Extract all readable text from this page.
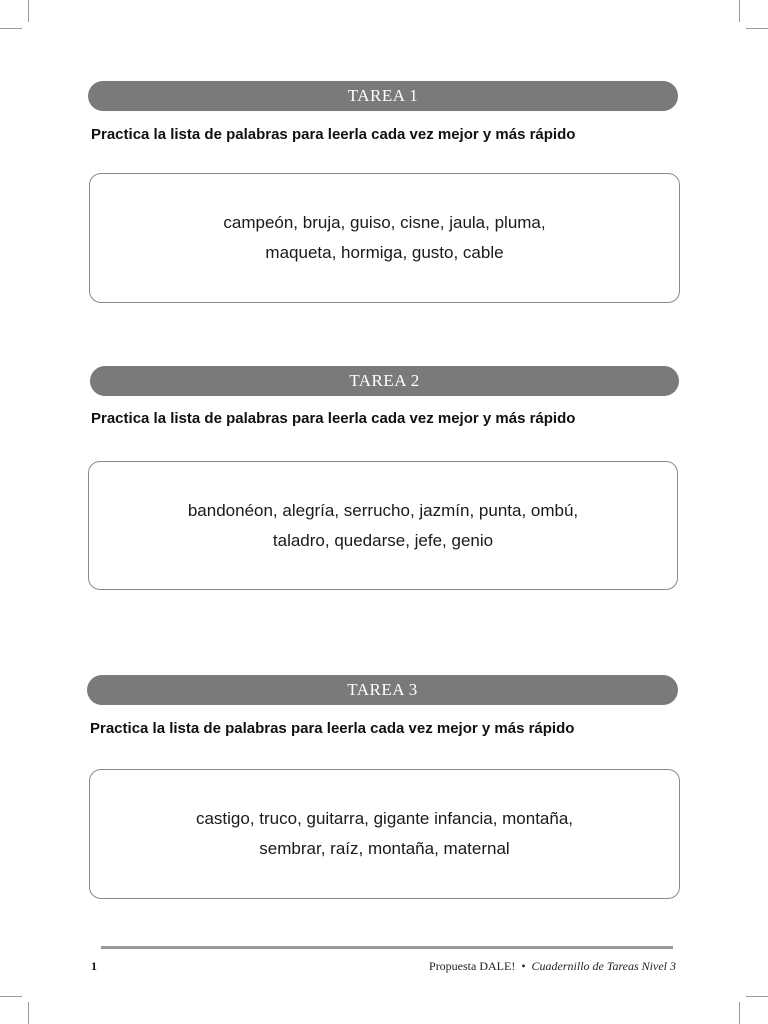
TAREA 1
Practica la lista de palabras para leerla cada vez mejor y más rápido
campeón, bruja, guiso, cisne, jaula, pluma,
maqueta, hormiga, gusto, cable
TAREA 2
Practica la lista de palabras para leerla cada vez mejor y más rápido
bandonéon, alegría, serrucho, jazmín, punta, ombú,
taladro, quedarse, jefe, genio
TAREA 3
Practica la lista de palabras para leerla cada vez mejor y más rápido
castigo, truco, guitarra, gigante infancia, montaña,
sembrar, raíz, montaña, maternal
1	Propuesta DALE! • Cuadernillo de Tareas Nivel 3
